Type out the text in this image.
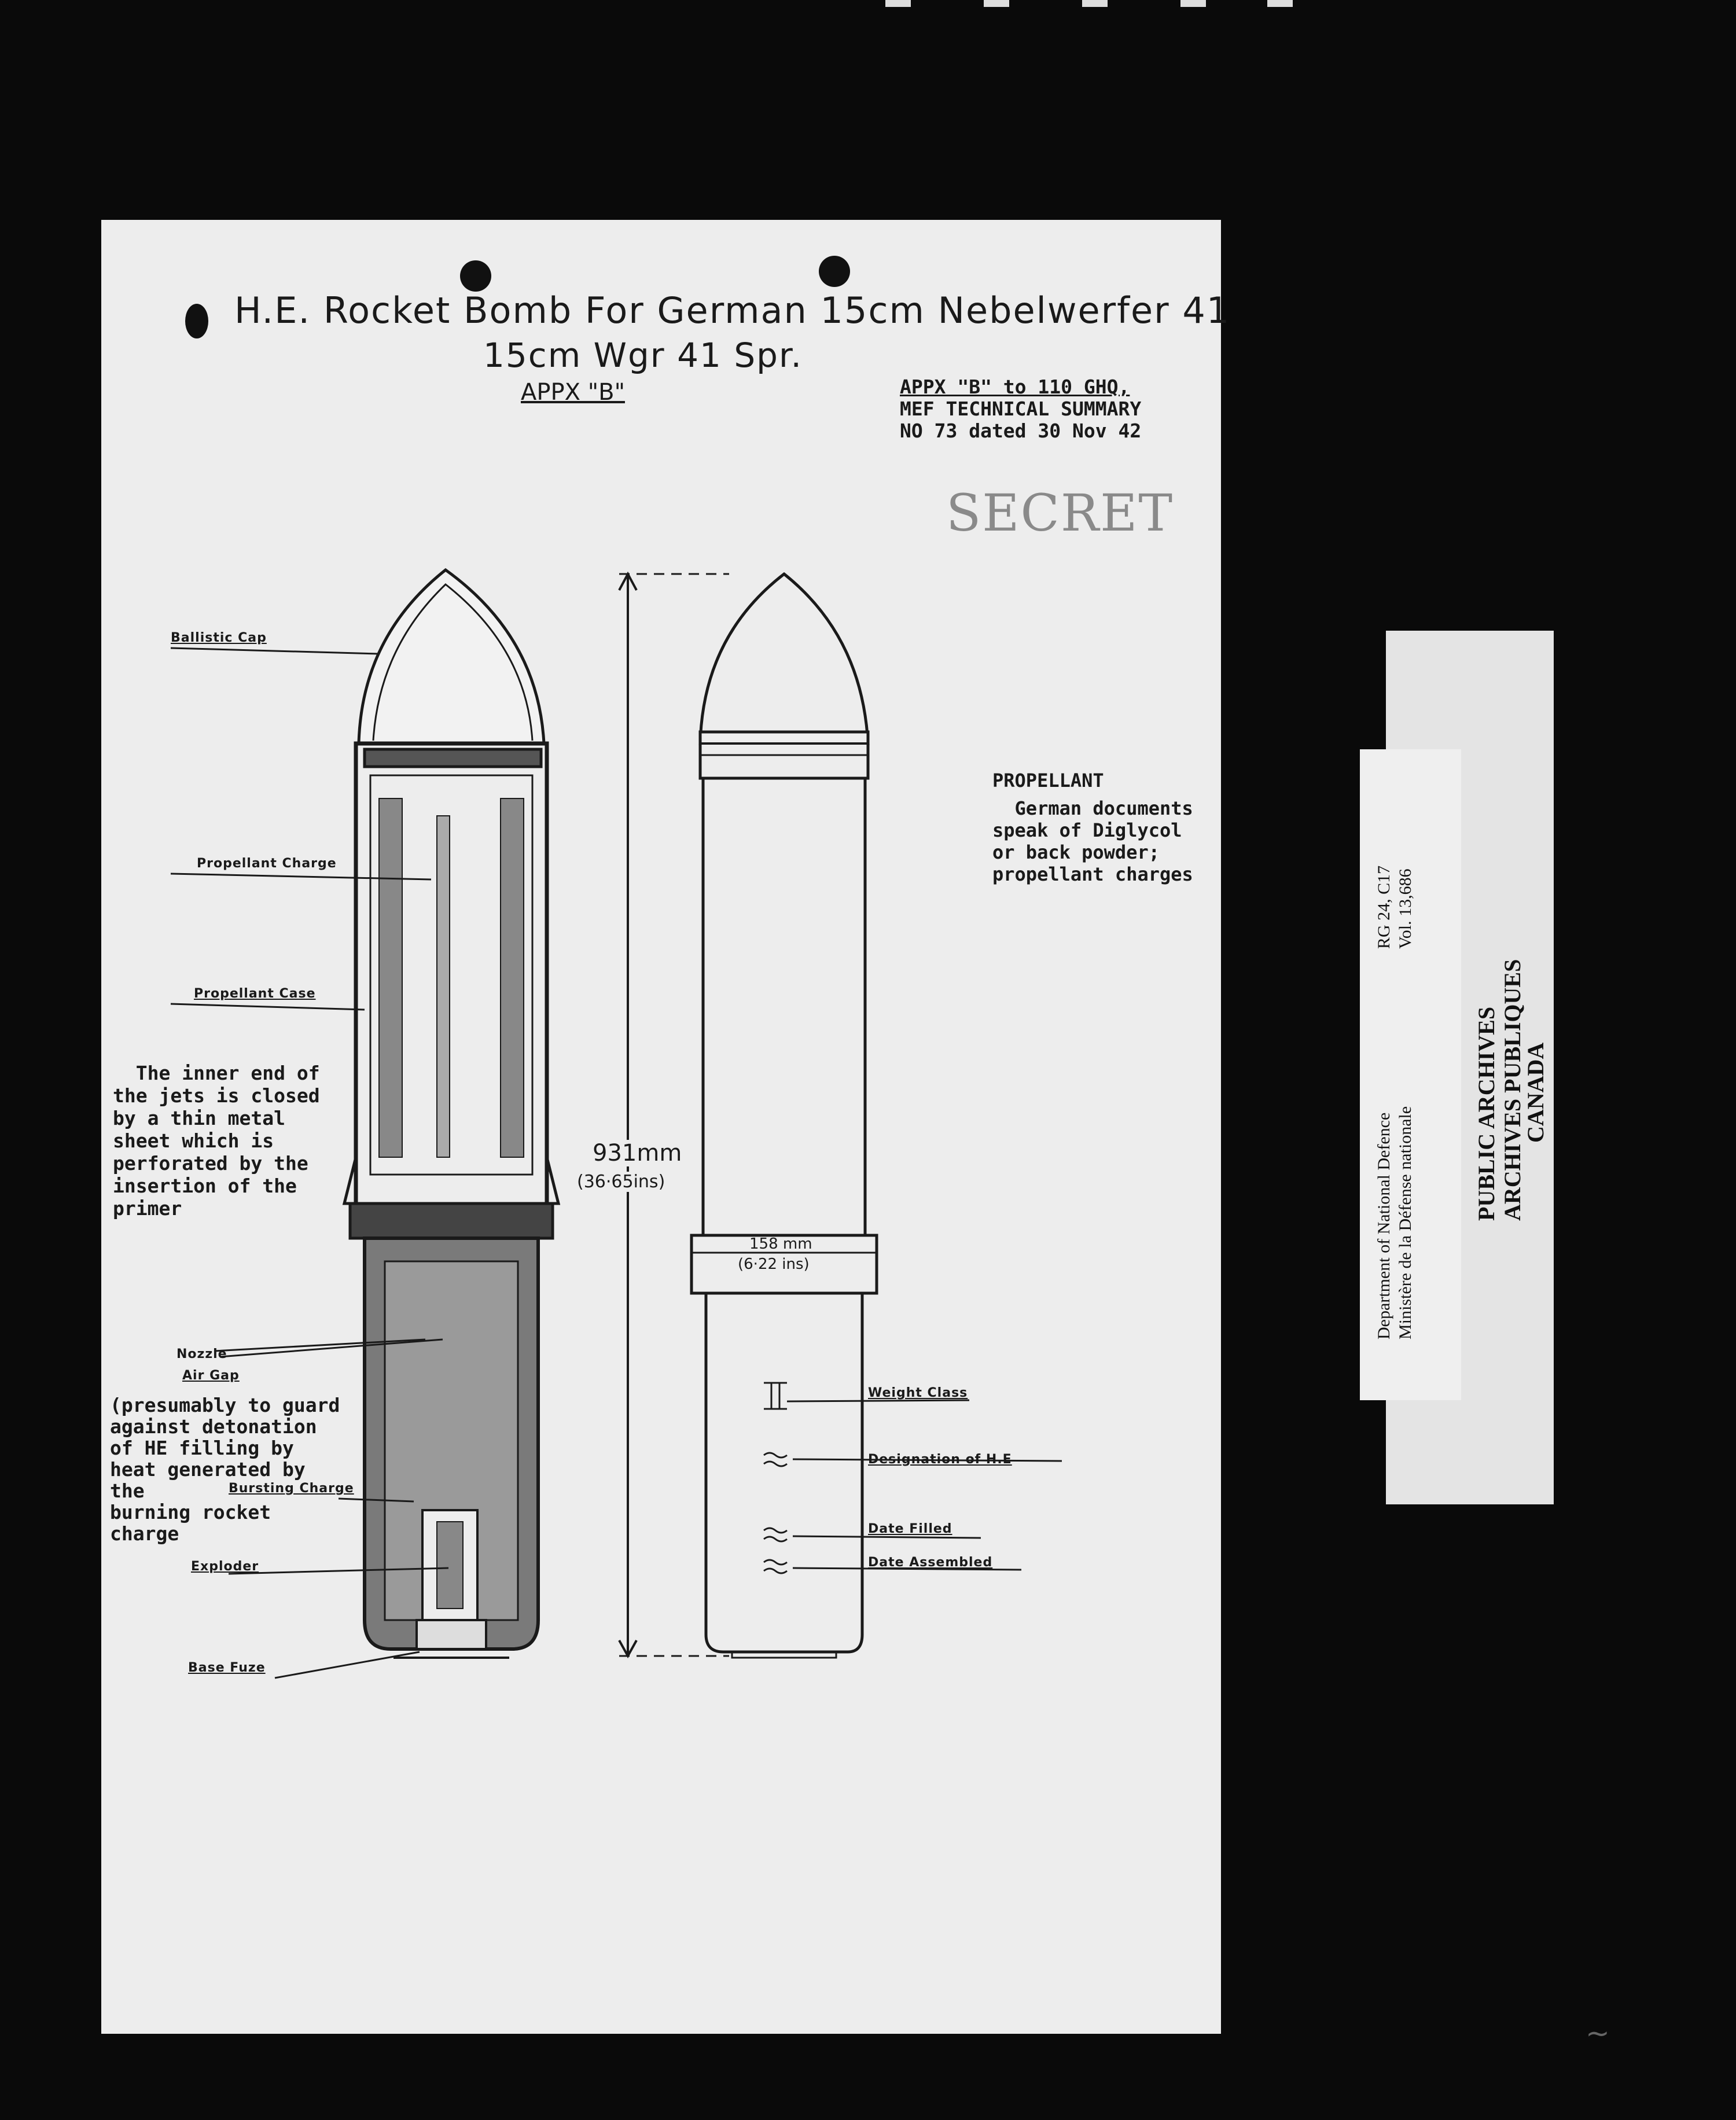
H.E. Rocket Bomb For German 15cm Nebelwerfer 41
15cm Wgr 41 Spr.
APPX "B"	APPX "B" to 110 GHQ,
MEF TECHNICAL SUMMARY
NO 73 dated 30 Nov 42
SECRET
PROPELLANT
German documents
speak of Diglycol
or back powder;
propellant charges
The inner end of
the jets is closed
by a thin metal
sheet which is
perforated by the
insertion of the
primer
(presumably to guard
against detonation
of HE filling by
heat generated by
the
burning rocket
charge
Ballistic Cap
Propellant Charge
Propellant Case
Nozzle
Air Gap
Bursting Charge
Exploder
Base Fuze
Weight Class
Designation of H.E
Date Filled
Date Assembled
931mm
(36·65ins)
158 mm
(6·22 ins)	Department of National Defence Ministère de la Défense nationale
RG 24, C17 Vol. 13,686
PUBLIC ARCHIVES ARCHIVES PUBLIQUES
CANADA
∼
